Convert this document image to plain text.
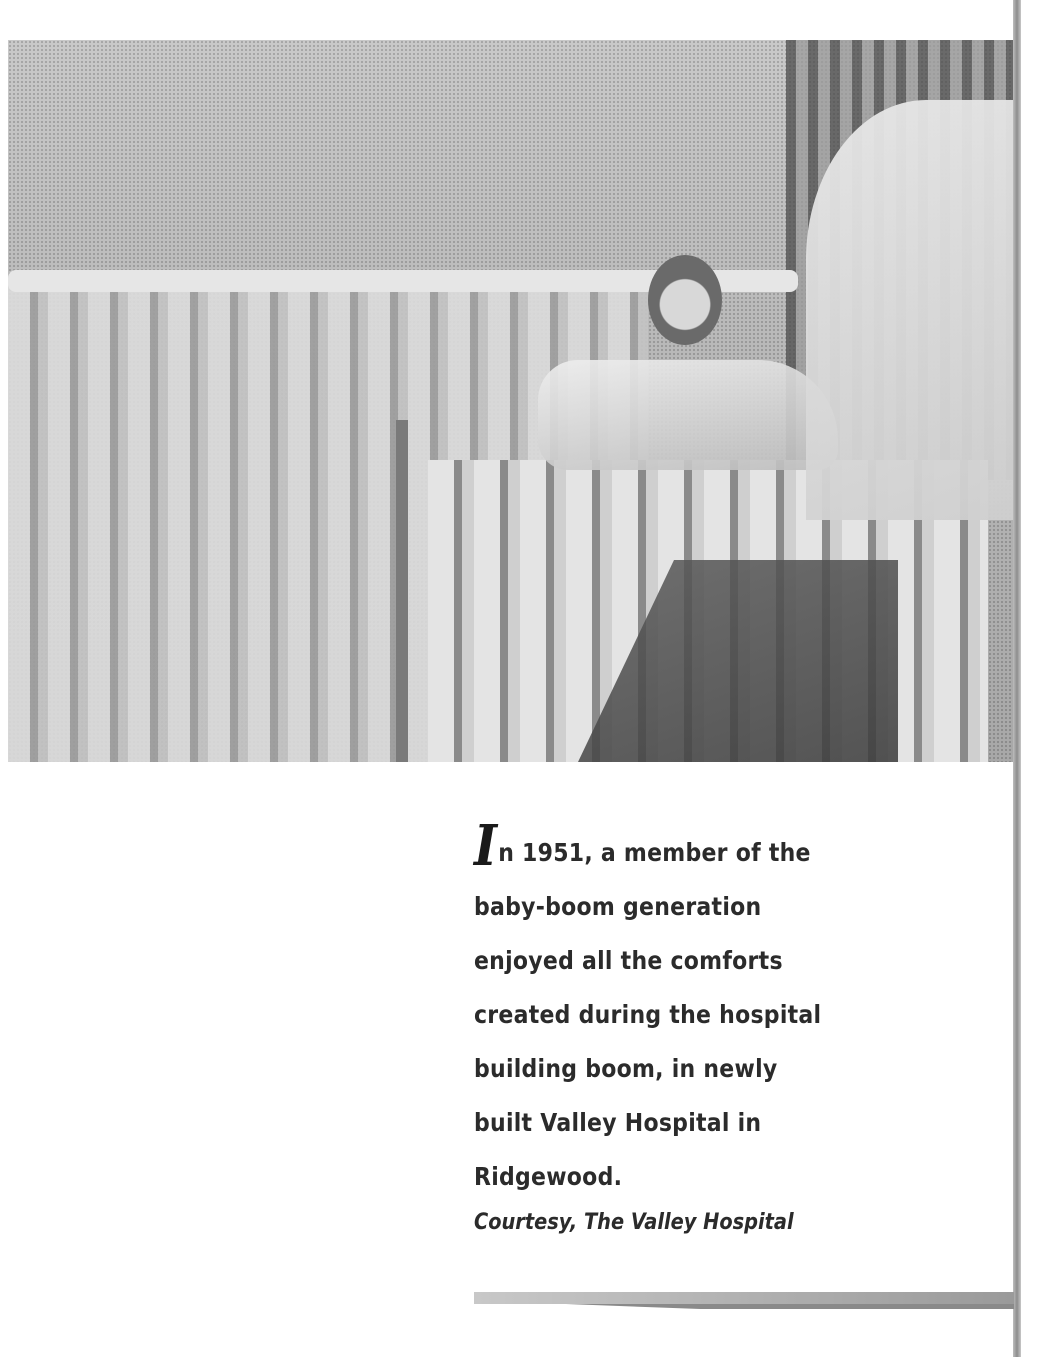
In 1951, a member of the
baby-boom generation
enjoyed all the comforts
created during the hospital
building boom, in newly
built Valley Hospital in
Ridgewood.
Courtesy, The Valley Hospital
